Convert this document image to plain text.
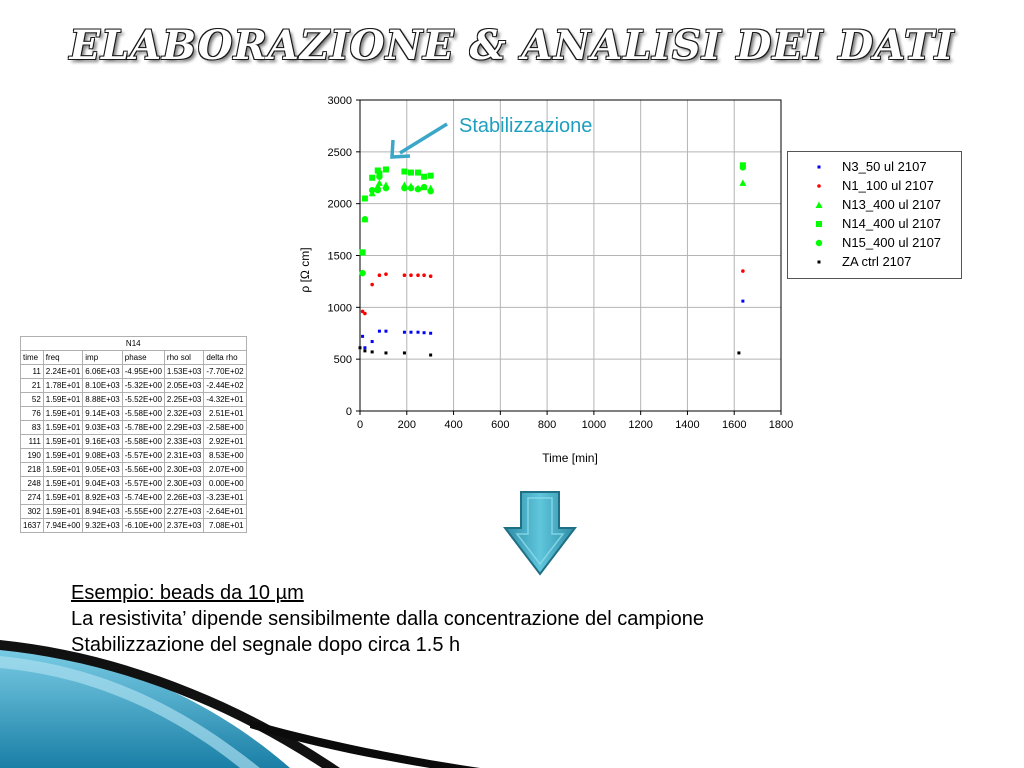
ELABORAZIONE & ANALISI DEI DATI
0	200	400	600	800 1000 1200 1400 1600 1800
0
500
1000
1500
2000
2500
3000
Time [min]
ρ [Ω cm]
Stabilizzazione
N3_50 ul 2107
N1_100 ul 2107
N13_400 ul 2107
N14_400 ul 2107
N15_400 ul 2107
ZA ctrl 2107
N14					
time	freq	imp	phase	rho sol	delta rho
11	2.24E+01	6.06E+03	-4.95E+00	1.53E+03	-7.70E+02
21	1.78E+01	8.10E+03	-5.32E+00	2.05E+03	-2.44E+02
52	1.59E+01	8.88E+03	-5.52E+00	2.25E+03	-4.32E+01
76	1.59E+01	9.14E+03	-5.58E+00	2.32E+03	2.51E+01
83	1.59E+01	9.03E+03	-5.78E+00	2.29E+03	-2.58E+00
111	1.59E+01	9.16E+03	-5.58E+00	2.33E+03	2.92E+01
190	1.59E+01	9.08E+03	-5.57E+00	2.31E+03	8.53E+00
218	1.59E+01	9.05E+03	-5.56E+00	2.30E+03	2.07E+00
248	1.59E+01	9.04E+03	-5.57E+00	2.30E+03	0.00E+00
274	1.59E+01	8.92E+03	-5.74E+00	2.26E+03	-3.23E+01
302	1.59E+01	8.94E+03	-5.55E+00	2.27E+03	-2.64E+01
1637	7.94E+00	9.32E+03	-6.10E+00	2.37E+03	7.08E+01
Esempio: beads da 10 µm
La resistivita’ dipende sensibilmente dalla concentrazione del campione
Stabilizzazione del segnale dopo circa 1.5 h
